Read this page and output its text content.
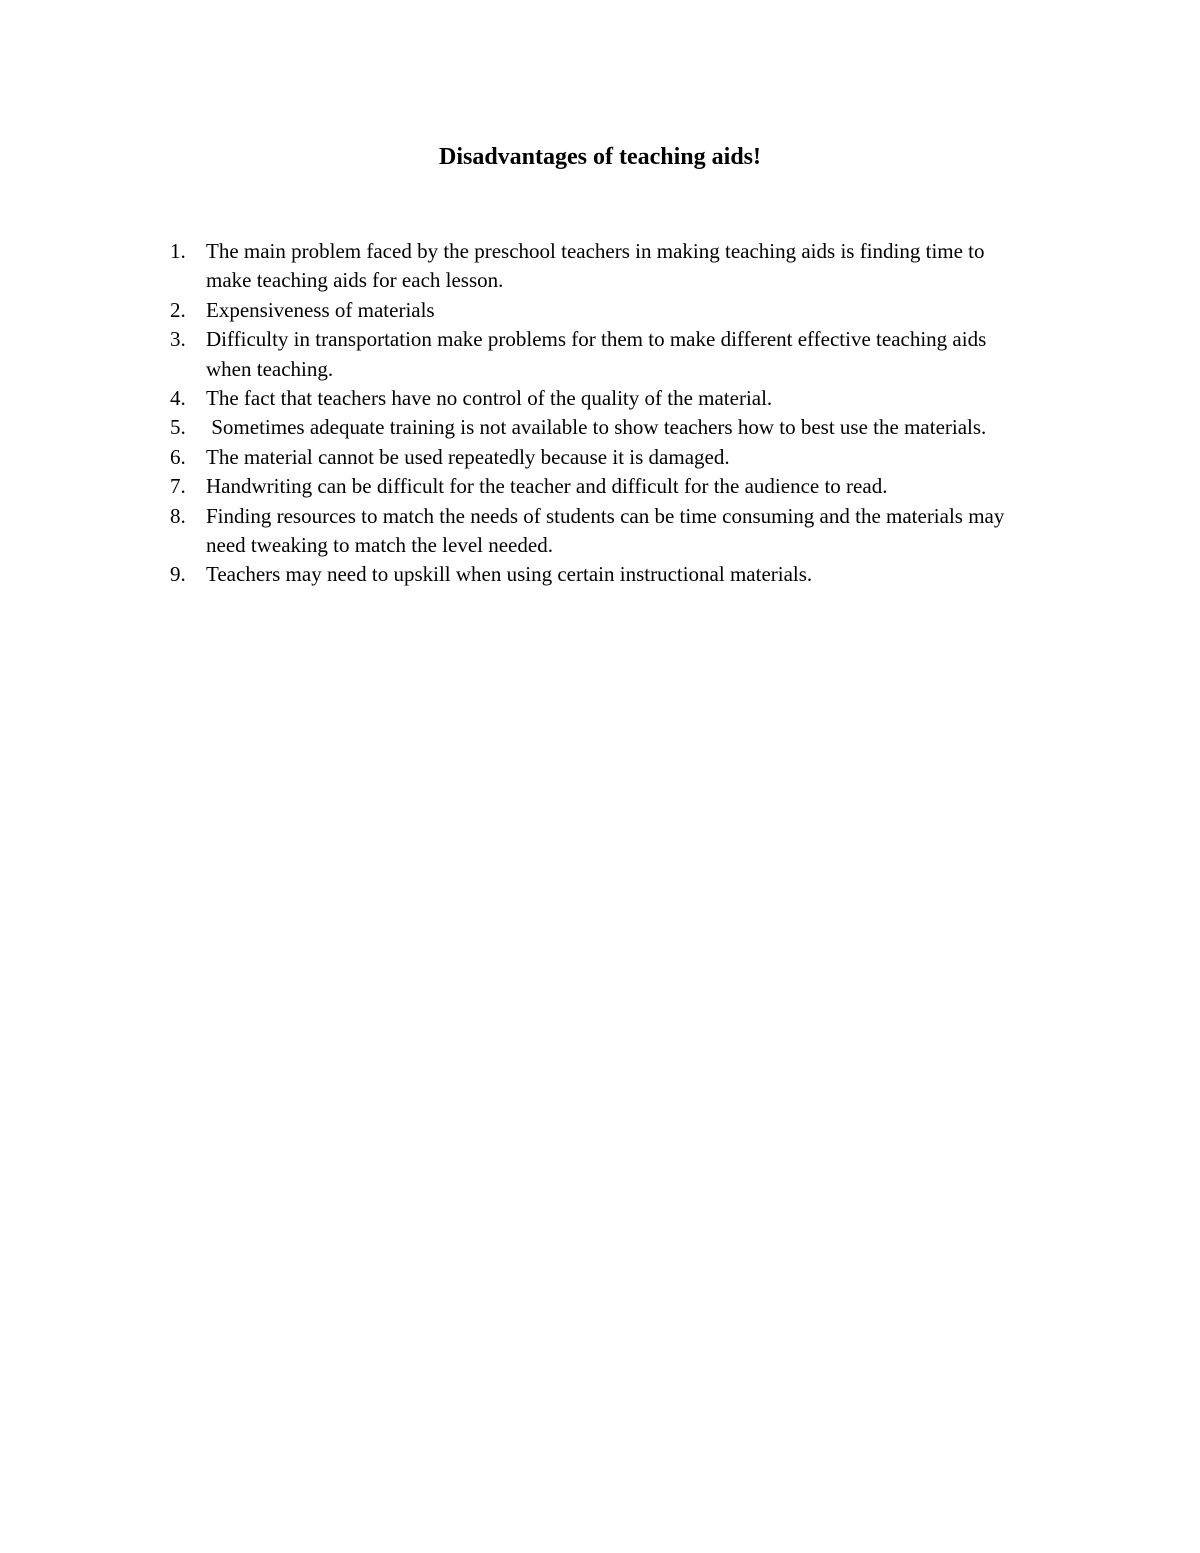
Disadvantages of teaching aids!
1. The main problem faced by the preschool teachers in making teaching aids is finding time to make teaching aids for each lesson.
2. Expensiveness of materials
3. Difficulty in transportation make problems for them to make different effective teaching aids when teaching.
4. The fact that teachers have no control of the quality of the material.
5. Sometimes adequate training is not available to show teachers how to best use the materials.
6. The material cannot be used repeatedly because it is damaged.
7. Handwriting can be difficult for the teacher and difficult for the audience to read.
8. Finding resources to match the needs of students can be time consuming and the materials may need tweaking to match the level needed.
9. Teachers may need to upskill when using certain instructional materials.
